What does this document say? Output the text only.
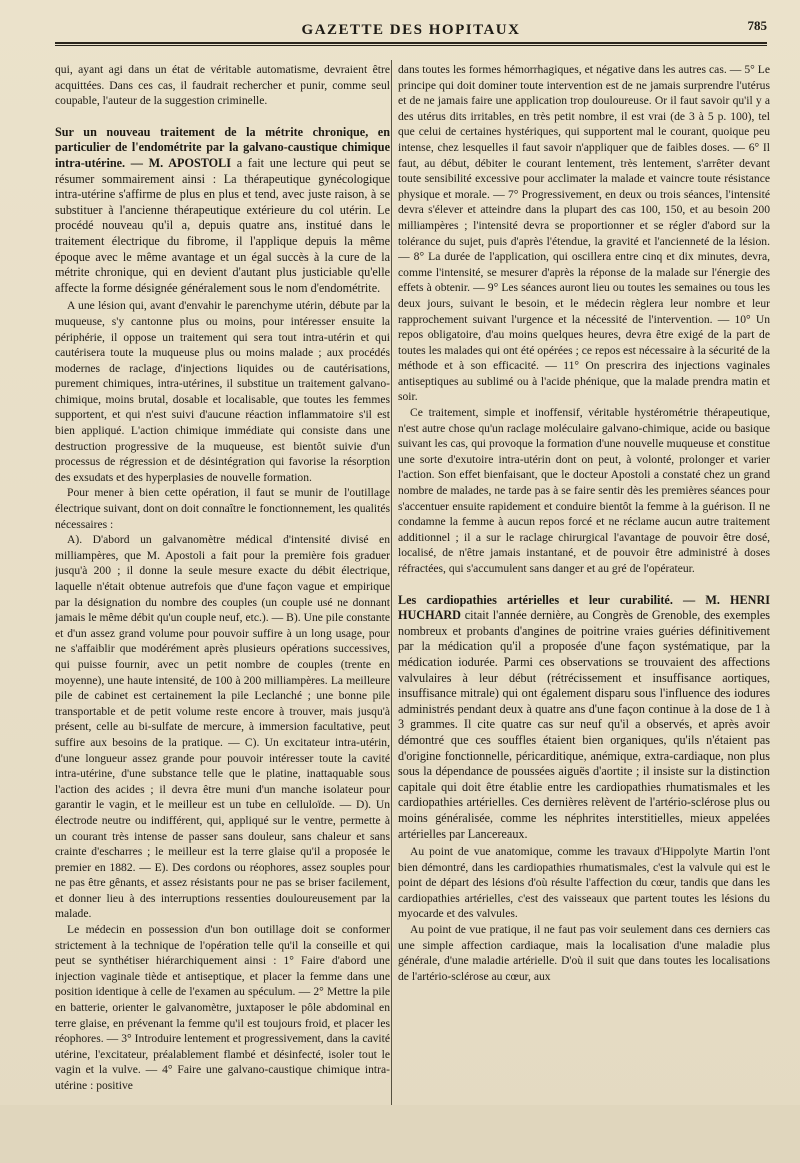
GAZETTE DES HOPITAUX	785

qui, ayant agi dans un état de véritable automatisme, devraient être acquittées. Dans ces cas, il faudrait rechercher et punir, comme seul coupable, l'auteur de la suggestion criminelle.

Sur un nouveau traitement de la métrite chronique, en particulier de l'endométrite par la galvano-caustique chimique intra-utérine. — M. APOSTOLI a fait une lecture qui peut se résumer sommairement ainsi : La thérapeutique gynécologique intra-utérine s'affirme de plus en plus et tend, avec juste raison, à se substituer à l'ancienne thérapeutique extérieure du col utérin. Le procédé nouveau qu'il a, depuis quatre ans, institué dans le traitement électrique du fibrome, il l'applique depuis la même époque avec le même avantage et un égal succès à la cure de la métrite chronique, qui en devient d'autant plus justiciable qu'elle affecte la forme désignée généralement sous le nom d'endométrite.

A une lésion qui, avant d'envahir le parenchyme utérin, débute par la muqueuse, s'y cantonne plus ou moins, pour intéresser ensuite la périphérie, il oppose un traitement qui sera tout intra-utérin et qui cautérisera toute la muqueuse plus ou moins malade ; aux procédés modernes de raclage, d'injections liquides ou de cautérisations, purement chimiques, intra-utérines, il substitue un traitement galvano-chimique, moins brutal, dosable et localisable, que toutes les femmes supportent, et qui n'est suivi d'aucune réaction inflammatoire s'il est bien appliqué. L'action chimique immédiate qui consiste dans une destruction progressive de la muqueuse, est bientôt suivie d'un processus de régression et de désintégration qui favorise la résorption des exsudats et des hyperplasies de nouvelle formation.

Pour mener à bien cette opération, il faut se munir de l'outillage électrique suivant, dont on doit connaître le fonctionnement, les qualités nécessaires :

A). D'abord un galvanomètre médical d'intensité divisé en milliampères, que M. Apostoli a fait pour la première fois graduer jusqu'à 200 ; il donne la seule mesure exacte du débit électrique, laquelle n'était obtenue autrefois que d'une façon vague et empirique par la désignation du nombre des couples (un couple usé ne donnant jamais le même débit qu'un couple neuf, etc.). — B). Une pile constante et d'un assez grand volume pour pouvoir suffire à un long usage, pour ne s'affaiblir que modérément après plusieurs opérations successives, qui puisse fournir, avec un petit nombre de couples (trente en moyenne), une haute intensité, de 100 à 200 milliampères. La meilleure pile de cabinet est certainement la pile Leclanché ; une bonne pile transportable et de petit volume reste encore à trouver, mais jusqu'à présent, celle au bi-sulfate de mercure, à immersion facultative, peut suffire aux besoins de la pratique. — C). Un excitateur intra-utérin, d'une longueur assez grande pour pouvoir intéresser toute la cavité intra-utérine, d'une substance telle que le platine, inattaquable sous l'action des acides ; il devra être muni d'un manche isolateur pour garantir le vagin, et le meilleur est un tube en celluloïde. — D). Un électrode neutre ou indifférent, qui, appliqué sur le ventre, permette à un courant très intense de passer sans douleur, sans chaleur et sans crainte d'escharres ; le meilleur est la terre glaise qu'il a proposée le premier en 1882. — E). Des cordons ou réophores, assez souples pour ne pas être gênants, et assez résistants pour ne pas se briser facilement, et donner lieu à des interruptions ressenties douloureusement par la malade.

Le médecin en possession d'un bon outillage doit se conformer strictement à la technique de l'opération telle qu'il la conseille et qui peut se synthétiser hiérarchiquement ainsi : 1° Faire d'abord une injection vaginale tiède et antiseptique, et placer la femme dans une position identique à celle de l'examen au spéculum. — 2° Mettre la pile en batterie, orienter le galvanomètre, juxtaposer le pôle abdominal en terre glaise, en prévenant la femme qu'il est toujours froid, et placer les réophores. — 3° Introduire lentement et progressivement, dans la cavité utérine, l'excitateur, préalablement flambé et désinfecté, isoler tout le vagin et la vulve. — 4° Faire une galvano-caustique chimique intra-utérine : positive

dans toutes les formes hémorrhagiques, et négative dans les autres cas. — 5° Le principe qui doit dominer toute intervention est de ne jamais surprendre l'utérus et de ne jamais faire une application trop douloureuse. Or il faut savoir qu'il y a des utérus dits irritables, en très petit nombre, il est vrai (de 3 à 5 p. 100), tel que celui de certaines hystériques, qui supportent mal le courant, quoique peu intense, chez lesquelles il faut savoir n'appliquer que de faibles doses. — 6° Il faut, au début, débiter le courant lentement, très lentement, s'arrêter devant toute sensibilité excessive pour acclimater la malade et vaincre toute résistance physique et morale. — 7° Progressivement, en deux ou trois séances, l'intensité devra s'élever et atteindre dans la plupart des cas 100, 150, et au besoin 200 milliampères ; l'intensité devra se proportionner et se régler d'abord sur la tolérance du sujet, puis d'après l'étendue, la gravité et l'ancienneté de la lésion. — 8° La durée de l'application, qui oscillera entre cinq et dix minutes, devra, comme l'intensité, se mesurer d'après la réponse de la malade sur l'énergie des effets à obtenir. — 9° Les séances auront lieu ou toutes les semaines ou tous les deux jours, suivant le besoin, et le médecin règlera leur nombre et leur rapprochement suivant l'urgence et la nécessité de l'intervention. — 10° Un repos obligatoire, d'au moins quelques heures, devra être exigé de la part de toutes les malades qui ont été opérées ; ce repos est nécessaire à la sécurité de la méthode et à son efficacité. — 11° On prescrira des injections vaginales antiseptiques au sublimé ou à l'acide phénique, que la malade prendra matin et soir.

Ce traitement, simple et inoffensif, véritable hystérométrie thérapeutique, n'est autre chose qu'un raclage moléculaire galvano-chimique, acide ou basique suivant les cas, qui provoque la formation d'une nouvelle muqueuse et constitue une sorte d'exutoire intra-utérin dont on peut, à volonté, prolonger et varier l'action. Son effet bienfaisant, que le docteur Apostoli a constaté chez un grand nombre de malades, ne tarde pas à se faire sentir dès les premières séances pour s'accentuer ensuite rapidement et conduire bientôt la femme à la guérison. Il ne condamne la femme à aucun repos forcé et ne réclame aucun autre traitement additionnel ; il a sur le raclage chirurgical l'avantage de pouvoir être dosé, localisé, de n'être jamais instantané, et de pouvoir être administré à doses réfractées, qui s'accumulent sans danger et au gré de l'opérateur.

Les cardiopathies artérielles et leur curabilité. — M. HENRI HUCHARD citait l'année dernière, au Congrès de Grenoble, des exemples nombreux et probants d'angines de poitrine vraies guéries définitivement par la médication qu'il a proposée d'une façon systématique, par la médication iodurée. Parmi ces observations se trouvaient des affections valvulaires à leur début (rétrécissement et insuffisance aortiques, insuffisance mitrale) qui ont également disparu sous l'influence des iodures administrés pendant deux à quatre ans d'une façon continue à la dose de 1 à 3 grammes. Il cite quatre cas sur neuf qu'il a observés, et après avoir démontré que ces souffles étaient bien organiques, qu'ils n'étaient pas d'origine fonctionnelle, péricarditique, anémique, extra-cardiaque, non plus sous la dépendance de poussées aiguës d'aortite ; il insiste sur la distinction capitale qui doit être établie entre les cardiopathies rhumatismales et les cardiopathies artérielles. Ces dernières relèvent de l'artério-sclérose plus ou moins généralisée, comme les néphrites interstitielles, mieux appelées artérielles par Lancereaux.

Au point de vue anatomique, comme les travaux d'Hippolyte Martin l'ont bien démontré, dans les cardiopathies rhumatismales, c'est la valvule qui est le point de départ des lésions d'où résulte l'affection du cœur, tandis que dans les cardiopathies artérielles, c'est des vaisseaux que partent toutes les lésions du myocarde et des valvules.

Au point de vue pratique, il ne faut pas voir seulement dans ces derniers cas une simple affection cardiaque, mais la localisation d'une maladie plus générale, d'une maladie artérielle. D'où il suit que dans toutes les localisations de l'artério-sclérose au cœur, aux
